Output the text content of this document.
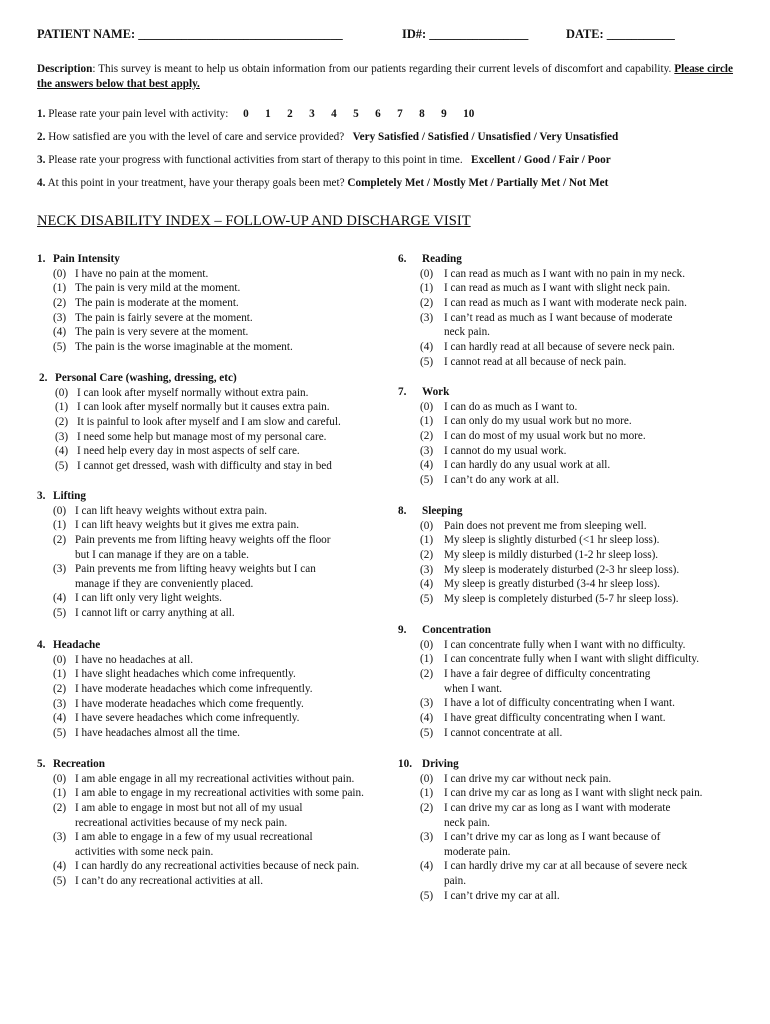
PATIENT NAME: _________________________________	ID#: ________________	DATE: ___________
Description: This survey is meant to help us obtain information from our patients regarding their current levels of discomfort and capability. Please circle the answers below that best apply.
1. Please rate your pain level with activity: 0 1 2 3 4 5 6 7 8 9 10
2. How satisfied are you with the level of care and service provided? Very Satisfied / Satisfied / Unsatisfied / Very Unsatisfied
3. Please rate your progress with functional activities from start of therapy to this point in time. Excellent / Good / Fair / Poor
4. At this point in your treatment, have your therapy goals been met? Completely Met / Mostly Met / Partially Met / Not Met
NECK DISABILITY INDEX – FOLLOW-UP AND DISCHARGE VISIT
1. Pain Intensity
(0) I have no pain at the moment.
(1) The pain is very mild at the moment.
(2) The pain is moderate at the moment.
(3) The pain is fairly severe at the moment.
(4) The pain is very severe at the moment.
(5) The pain is the worse imaginable at the moment.
2. Personal Care (washing, dressing, etc)
(0) I can look after myself normally without extra pain.
(1) I can look after myself normally but it causes extra pain.
(2) It is painful to look after myself and I am slow and careful.
(3) I need some help but manage most of my personal care.
(4) I need help every day in most aspects of self care.
(5) I cannot get dressed, wash with difficulty and stay in bed
3. Lifting
(0) I can lift heavy weights without extra pain.
(1) I can lift heavy weights but it gives me extra pain.
(2) Pain prevents me from lifting heavy weights off the floor
but I can manage if they are on a table.
(3) Pain prevents me from lifting heavy weights but I can
manage if they are conveniently placed.
(4) I can lift only very light weights.
(5) I cannot lift or carry anything at all.
4. Headache
(0) I have no headaches at all.
(1) I have slight headaches which come infrequently.
(2) I have moderate headaches which come infrequently.
(3) I have moderate headaches which come frequently.
(4) I have severe headaches which come infrequently.
(5) I have headaches almost all the time.
5. Recreation
(0) I am able engage in all my recreational activities without pain.
(1) I am able to engage in my recreational activities with some pain.
(2) I am able to engage in most but not all of my usual
recreational activities because of my neck pain.
(3) I am able to engage in a few of my usual recreational
activities with some neck pain.
(4) I can hardly do any recreational activities because of neck pain.
(5) I can’t do any recreational activities at all.
6. Reading
(0) I can read as much as I want with no pain in my neck.
(1) I can read as much as I want with slight neck pain.
(2) I can read as much as I want with moderate neck pain.
(3) I can’t read as much as I want because of moderate
neck pain.
(4) I can hardly read at all because of severe neck pain.
(5) I cannot read at all because of neck pain.
7. Work
(0) I can do as much as I want to.
(1) I can only do my usual work but no more.
(2) I can do most of my usual work but no more.
(3) I cannot do my usual work.
(4) I can hardly do any usual work at all.
(5) I can’t do any work at all.
8. Sleeping
(0) Pain does not prevent me from sleeping well.
(1) My sleep is slightly disturbed (<1 hr sleep loss).
(2) My sleep is mildly disturbed (1-2 hr sleep loss).
(3) My sleep is moderately disturbed (2-3 hr sleep loss).
(4) My sleep is greatly disturbed (3-4 hr sleep loss).
(5) My sleep is completely disturbed (5-7 hr sleep loss).
9. Concentration
(0) I can concentrate fully when I want with no difficulty.
(1) I can concentrate fully when I want with slight difficulty.
(2) I have a fair degree of difficulty concentrating
when I want.
(3) I have a lot of difficulty concentrating when I want.
(4) I have great difficulty concentrating when I want.
(5) I cannot concentrate at all.
10. Driving
(0) I can drive my car without neck pain.
(1) I can drive my car as long as I want with slight neck pain.
(2) I can drive my car as long as I want with moderate
neck pain.
(3) I can’t drive my car as long as I want because of
moderate pain.
(4) I can hardly drive my car at all because of severe neck
pain.
(5) I can’t drive my car at all.
